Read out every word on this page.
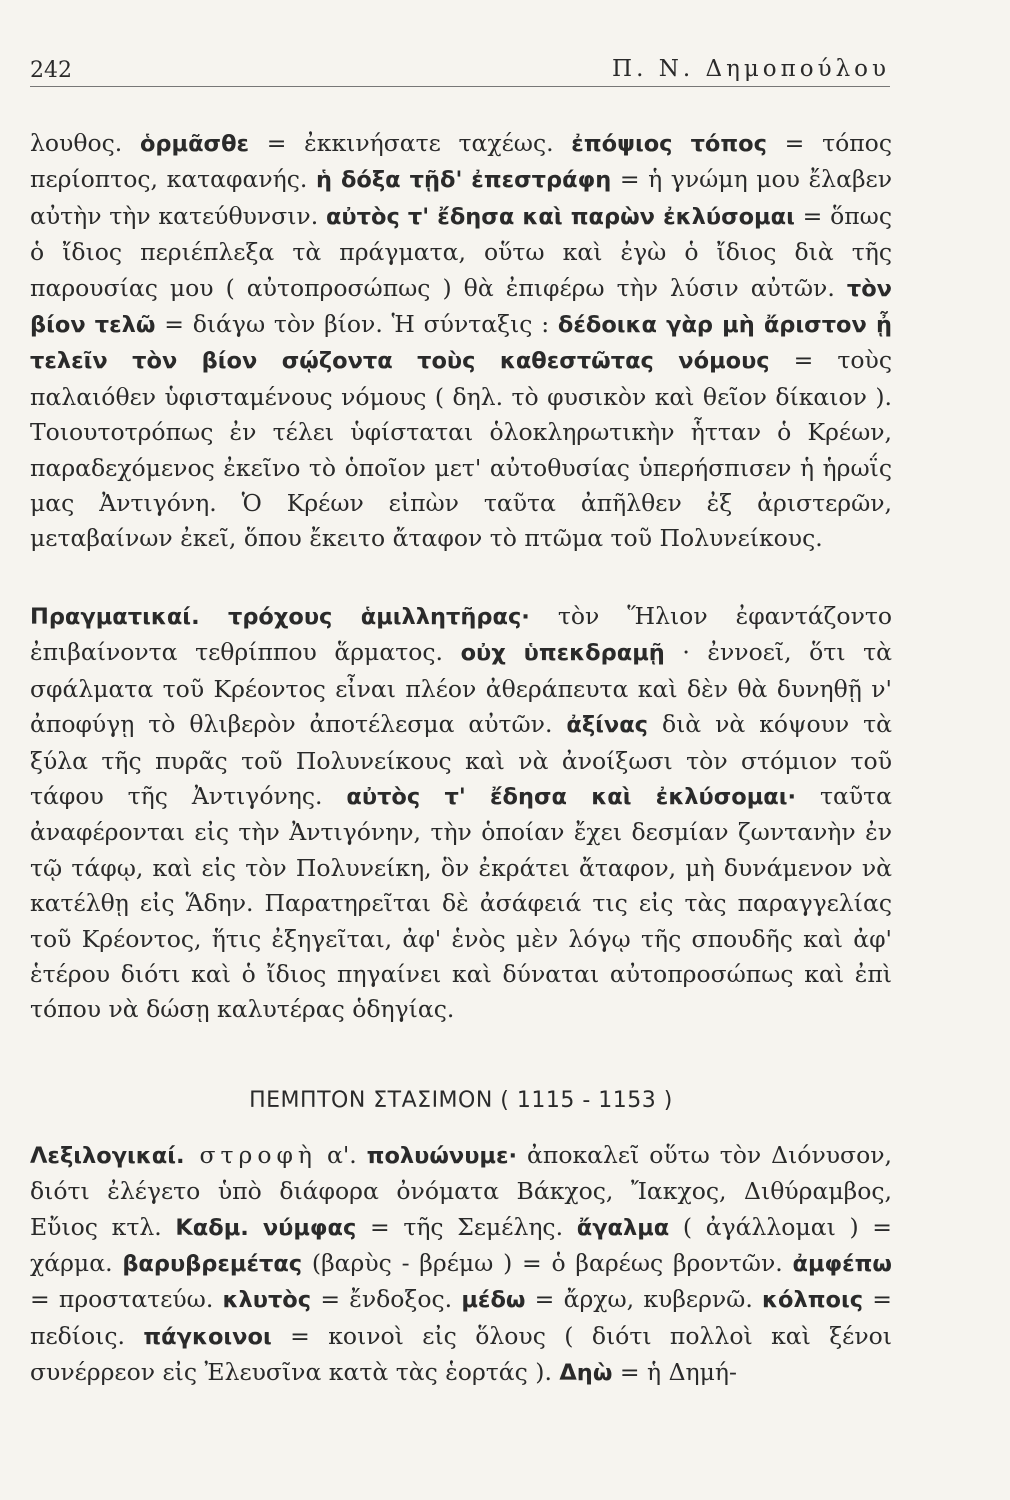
242	Π. Ν. Δημοπούλου

λουθος. ὁρμᾶσθε = ἐκκινήσατε ταχέως. ἐπόψιος τόπος = τόπος περίοπτος, καταφανής. ἡ δόξα τῇδ' ἐπεστράφη = ἡ γνώμη μου ἔλαβεν αὐτὴν τὴν κατεύθυνσιν. αὐτὸς τ' ἔδησα καὶ παρὼν ἐκλύσομαι = ὅπως ὁ ἴδιος περιέπλεξα τὰ πράγματα, οὕτω καὶ ἐγὼ ὁ ἴδιος διὰ τῆς παρουσίας μου ( αὐτοπροσώπως ) θὰ ἐπιφέρω τὴν λύσιν αὐτῶν. τὸν βίον τελῶ = διάγω τὸν βίον. Ἡ σύνταξις : δέδοικα γὰρ μὴ ἄριστον ᾖ τελεῖν τὸν βίον σῴζοντα τοὺς καθεστῶτας νόμους = τοὺς παλαιόθεν ὑφισταμένους νόμους ( δηλ. τὸ φυσικὸν καὶ θεῖον δίκαιον ). Τοιουτοτρόπως ἐν τέλει ὑφίσταται ὁλοκληρωτικὴν ἧτταν ὁ Κρέων, παραδεχόμενος ἐκεῖνο τὸ ὁποῖον μετ' αὐτοθυσίας ὑπερήσπισεν ἡ ἡρωΐς μας Ἀντιγόνη. Ὁ Κρέων εἰπὼν ταῦτα ἀπῆλθεν ἐξ ἀριστερῶν, μεταβαίνων ἐκεῖ, ὅπου ἔκειτο ἄταφον τὸ πτῶμα τοῦ Πολυνείκους.

Πραγματικαί. τρόχους ἁμιλλητῆρας· τὸν Ἥλιον ἐφαντάζοντο ἐπιβαίνοντα τεθρίππου ἅρματος. οὐχ ὑπεκδραμῇ · ἐννοεῖ, ὅτι τὰ σφάλματα τοῦ Κρέοντος εἶναι πλέον ἀθεράπευτα καὶ δὲν θὰ δυνηθῇ ν' ἀποφύγῃ τὸ θλιβερὸν ἀποτέλεσμα αὐτῶν. ἀξίνας διὰ νὰ κόψουν τὰ ξύλα τῆς πυρᾶς τοῦ Πολυνείκους καὶ νὰ ἀνοίξωσι τὸν στόμιον τοῦ τάφου τῆς Ἀντιγόνης. αὐτὸς τ' ἔδησα καὶ ἐκλύσομαι· ταῦτα ἀναφέρονται εἰς τὴν Ἀντιγόνην, τὴν ὁποίαν ἔχει δεσμίαν ζωντανὴν ἐν τῷ τάφῳ, καὶ εἰς τὸν Πολυνείκη, ὃν ἐκράτει ἄταφον, μὴ δυνάμενον νὰ κατέλθῃ εἰς Ἅδην. Παρατηρεῖται δὲ ἀσάφειά τις εἰς τὰς παραγγελίας τοῦ Κρέοντος, ἥτις ἐξηγεῖται, ἀφ' ἑνὸς μὲν λόγῳ τῆς σπουδῆς καὶ ἀφ' ἑτέρου διότι καὶ ὁ ἴδιος πηγαίνει καὶ δύναται αὐτοπροσώπως καὶ ἐπὶ τόπου νὰ δώσῃ καλυτέρας ὁδηγίας.

ΠΕΜΠΤΟΝ ΣΤΑΣΙΜΟΝ ( 1115 - 1153 )

Λεξιλογικαί. στροφὴ α'. πολυώνυμε· ἀποκαλεῖ οὕτω τὸν Διόνυσον, διότι ἐλέγετο ὑπὸ διάφορα ὀνόματα Βάκχος, Ἴακχος, Διθύραμβος, Εὔιος κτλ. Καδμ. νύμφας = τῆς Σεμέλης. ἄγαλμα ( ἀγάλλομαι ) = χάρμα. βαρυβρεμέτας (βαρὺς - βρέμω ) = ὁ βαρέως βροντῶν. ἀμφέπω = προστατεύω. κλυτὸς = ἔνδοξος. μέδω = ἄρχω, κυβερνῶ. κόλποις = πεδίοις. πάγκοινοι = κοινοὶ εἰς ὅλους ( διότι πολλοὶ καὶ ξένοι συνέρρεον εἰς Ἐλευσῖνα κατὰ τὰς ἑορτάς ). Δηὼ = ἡ Δημή-
